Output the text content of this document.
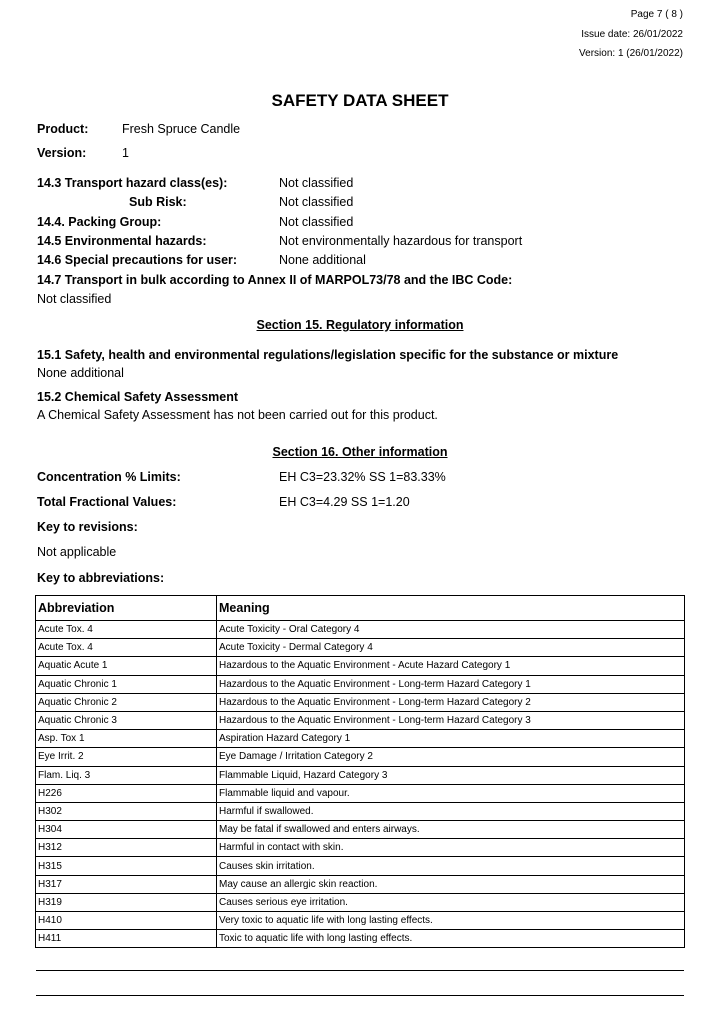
Page 7 ( 8 )
Issue date: 26/01/2022
Version: 1 (26/01/2022)
SAFETY DATA SHEET
Product:	Fresh Spruce Candle
Version:	1
14.3 Transport hazard class(es):	Not classified
Sub Risk:	Not classified
14.4. Packing Group:	Not classified
14.5 Environmental hazards:	Not environmentally hazardous for transport
14.6 Special precautions for user:	None additional
14.7 Transport in bulk according to Annex II of MARPOL73/78 and the IBC Code:
Not classified
Section 15. Regulatory information
15.1 Safety, health and environmental regulations/legislation specific for the substance or mixture
None additional
15.2 Chemical Safety Assessment
A Chemical Safety Assessment has not been carried out for this product.
Section 16. Other information
Concentration % Limits:	EH C3=23.32% SS 1=83.33%
Total Fractional Values:	EH C3=4.29 SS 1=1.20
Key to revisions:
Not applicable
Key to abbreviations:
Abbreviation	Meaning
Acute Tox. 4	Acute Toxicity - Oral Category 4
Acute Tox. 4	Acute Toxicity - Dermal Category 4
Aquatic Acute 1	Hazardous to the Aquatic Environment - Acute Hazard Category 1
Aquatic Chronic 1	Hazardous to the Aquatic Environment - Long-term Hazard Category 1
Aquatic Chronic 2	Hazardous to the Aquatic Environment - Long-term Hazard Category 2
Aquatic Chronic 3	Hazardous to the Aquatic Environment - Long-term Hazard Category 3
Asp. Tox 1	Aspiration Hazard Category 1
Eye Irrit. 2	Eye Damage / Irritation Category 2
Flam. Liq. 3	Flammable Liquid, Hazard Category 3
H226	Flammable liquid and vapour.
H302	Harmful if swallowed.
H304	May be fatal if swallowed and enters airways.
H312	Harmful in contact with skin.
H315	Causes skin irritation.
H317	May cause an allergic skin reaction.
H319	Causes serious eye irritation.
H410	Very toxic to aquatic life with long lasting effects.
H411	Toxic to aquatic life with long lasting effects.
